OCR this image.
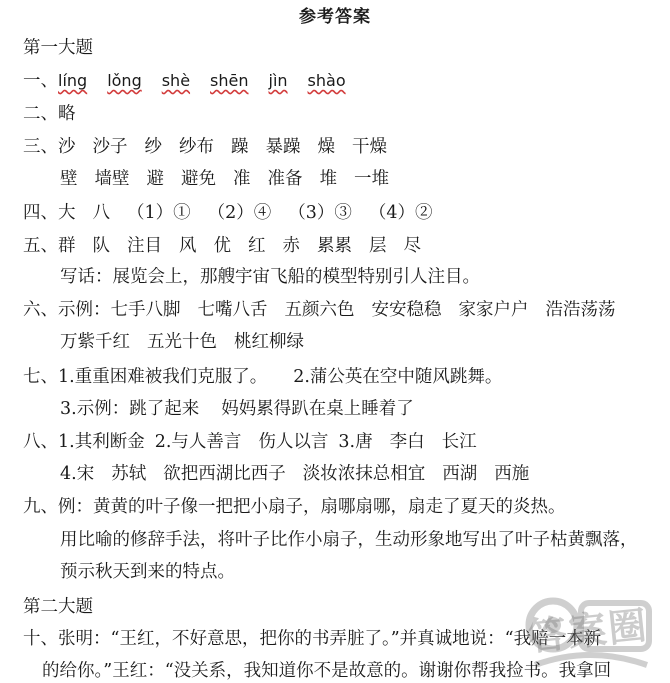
参考答案
第一大题
一、líng lǒng shè shēn jìn shào
二、略
三、沙 沙子 纱 纱布 躁 暴躁 燥 干燥
壁 墙壁 避 避免 准 准备 堆 一堆
四、大 八 （1）① （2）④ （3）③ （4）②
五、群 队 注目 风 优 红 赤 累累 层 尽
写话：展览会上，那艘宇宙飞船的模型特别引人注目。
六、示例：七手八脚 七嘴八舌 五颜六色 安安稳稳 家家户户 浩浩荡荡
万紫千红 五光十色 桃红柳绿
七、1.重重困难被我们克服了。 2.蒲公英在空中随风跳舞。
3.示例：跳了起来 妈妈累得趴在桌上睡着了
八、1.其利断金 2.与人善言 伤人以言 3.唐 李白 长江
4.宋 苏轼 欲把西湖比西子 淡妆浓抹总相宜 西湖 西施
九、例：黄黄的叶子像一把把小扇子，扇哪扇哪，扇走了夏天的炎热。
用比喻的修辞手法，将叶子比作小扇子，生动形象地写出了叶子枯黄飘落，
预示秋天到来的特点。
第二大题
十、张明：“王红，不好意思，把你的书弄脏了。”并真诚地说：“我赔一本新
的给你。”王红：“没关系，我知道你不是故意的。谢谢你帮我捡书。我拿回
答案圈
